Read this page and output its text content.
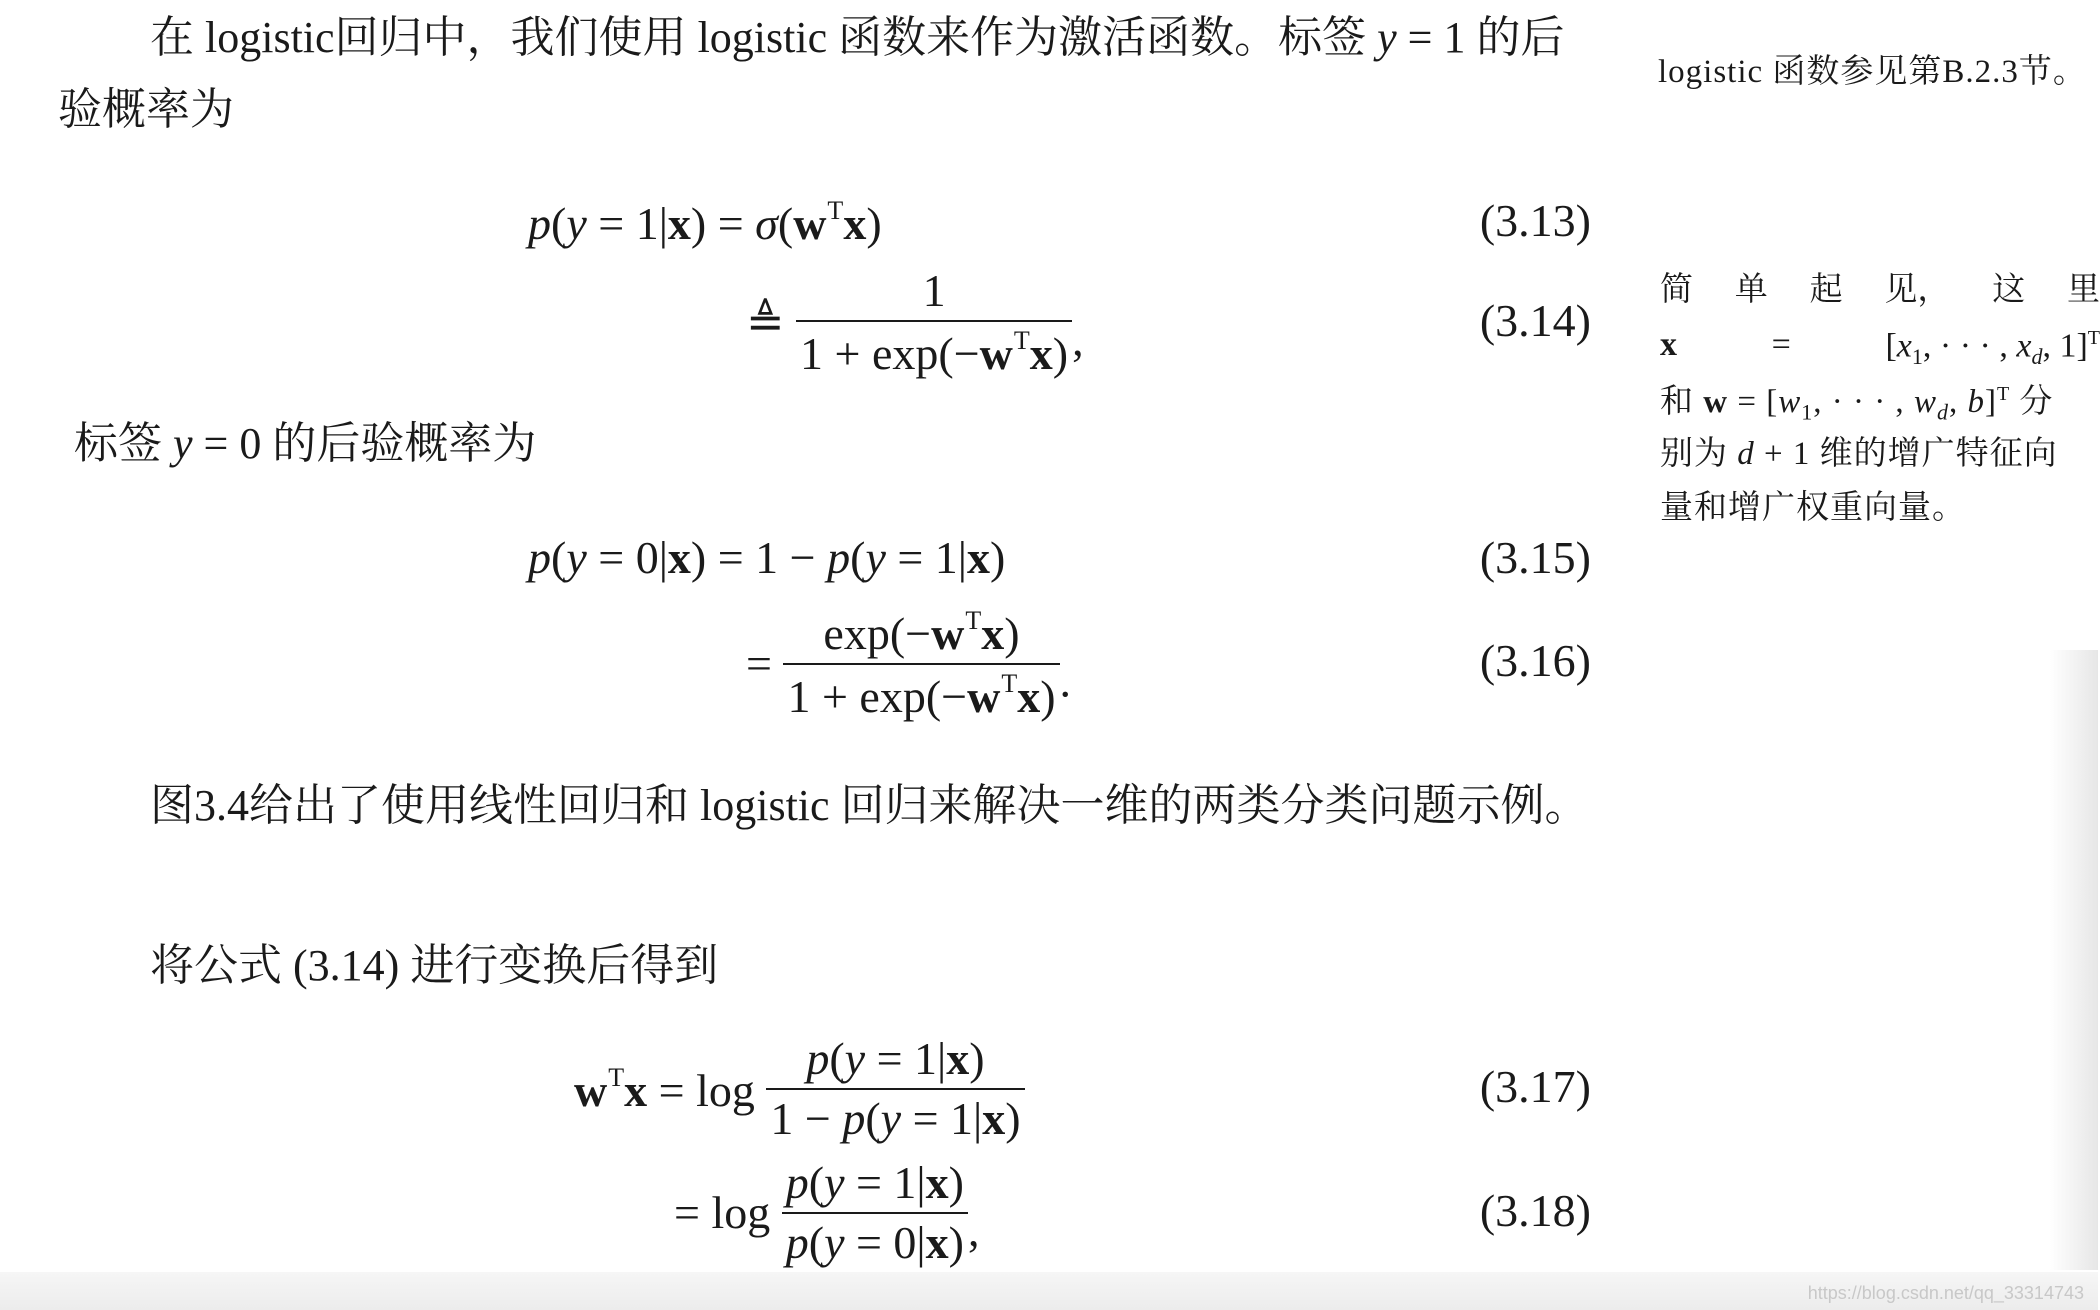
在 logistic回归中，我们使用 logistic 函数来作为激活函数。标签 y = 1 的后
验概率为
$p(y = 1|x) = \sigma(w^Tx)$	(3.13)
≜ $\frac{1}{1 + \exp(-w^Tx)}$ ,	(3.14)
标签 y = 0 的后验概率为
p(y = 0|x) = 1 − p(y = 1|x)	(3.15)
= $\frac{\exp(-w^Tx)}{1 + \exp(-w^Tx)}$ .	(3.16)
图3.4给出了使用线性回归和 logistic 回归来解决一维的两类分类问题示例。
将公式 (3.14) 进行变换后得到
$w^Tx = \log \frac{p(y = 1|x)}{1 - p(y = 1|x)}$	(3.17)
= $\log \frac{p(y = 1|x)}{p(y = 0|x)}$ ,	(3.18)
logistic 函数参见第B.2.3节。
简 单 起 见， 这 里
x	=	[$x_1$, · · · , $x_d$, 1]$^T$
和 $w = [w_1$, · · · , $w_d$, b]$^T$ 分
别为 d + 1 维的增广特征向
量和增广权重向量。
https://blog.csdn.net/qq_33314743
